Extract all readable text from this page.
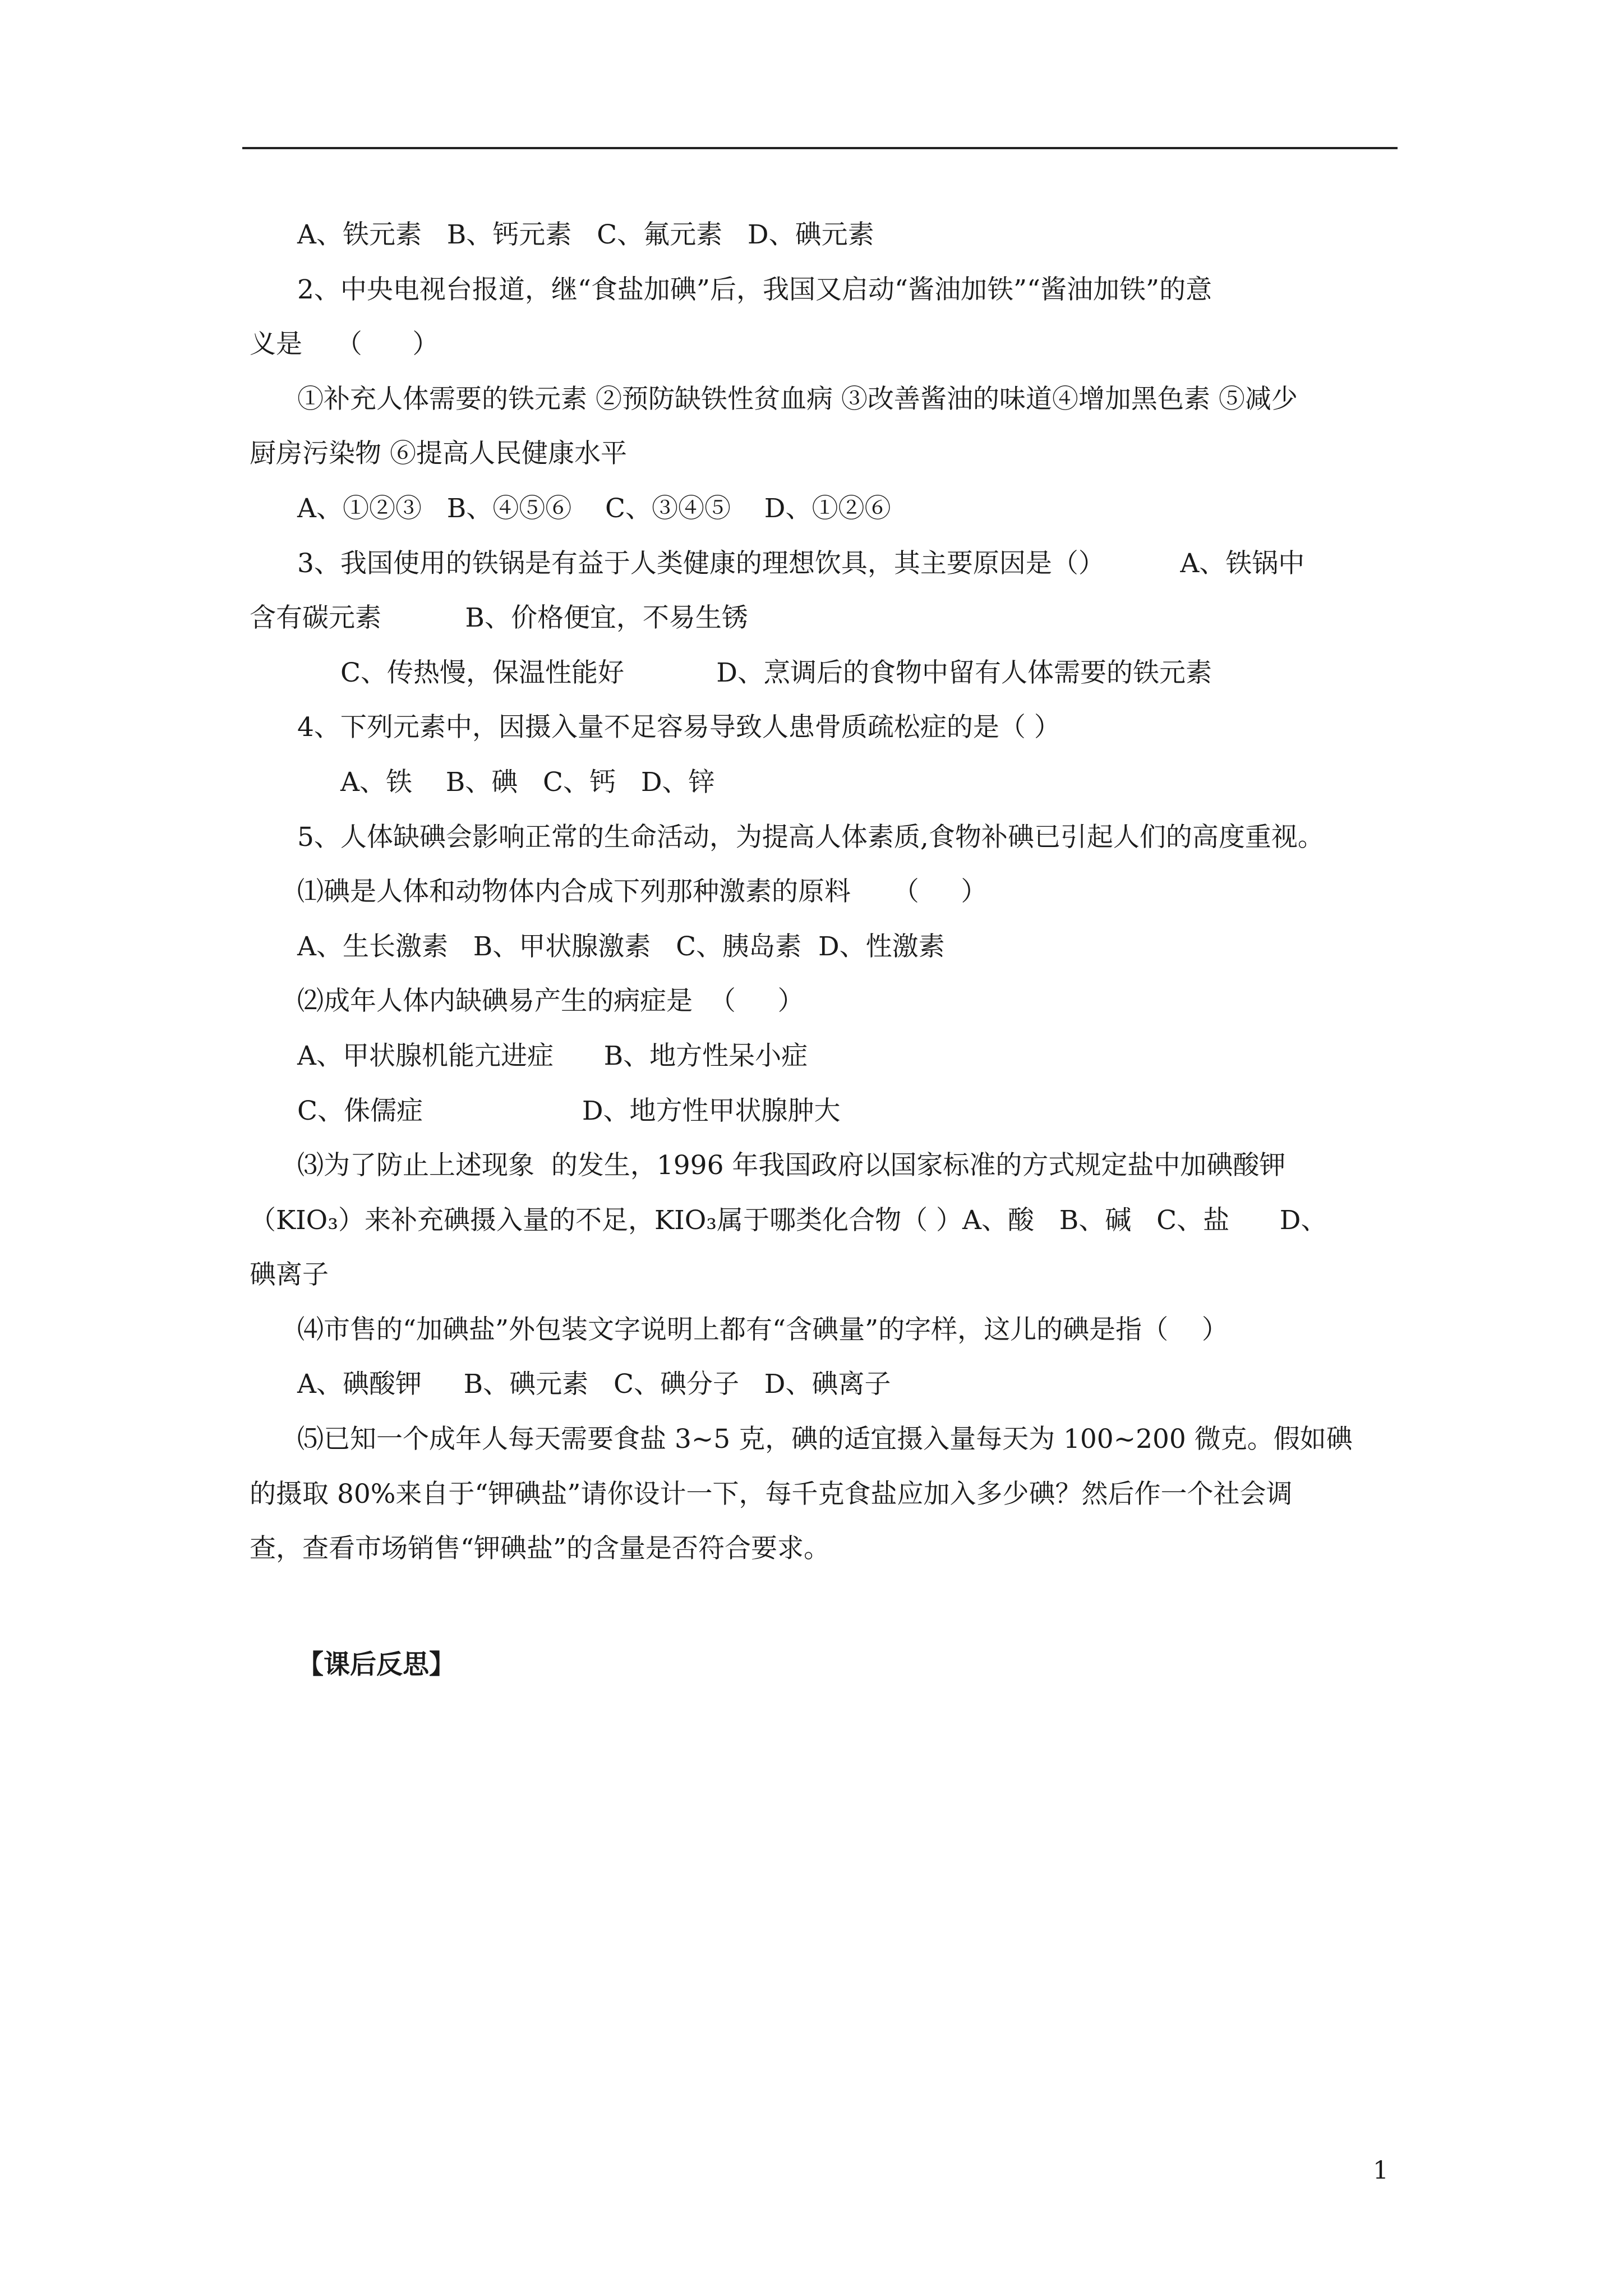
A、铁元素   B、钙元素   C、氟元素   D、碘元素
2、中央电视台报道，继“食盐加碘”后，我国又启动“酱油加铁”“酱油加铁”的意
义是    （      ）
①补充人体需要的铁元素 ②预防缺铁性贫血病 ③改善酱油的味道④增加黑色素 ⑤减少
厨房污染物 ⑥提高人民健康水平
A、①②③   B、④⑤⑥    C、③④⑤    D、①②⑥
3、我国使用的铁锅是有益于人类健康的理想饮具，其主要原因是（）         A、铁锅中
含有碳元素          B、价格便宜，不易生锈
C、传热慢，保温性能好           D、烹调后的食物中留有人体需要的铁元素
4、下列元素中，因摄入量不足容易导致人患骨质疏松症的是（ ）
A、铁    B、碘   C、钙   D、锌
5、人体缺碘会影响正常的生命活动，为提高人体素质,食物补碘已引起人们的高度重视。
⑴碘是人体和动物体内合成下列那种激素的原料     （     ）
A、生长激素   B、甲状腺激素   C、胰岛素  D、性激素
⑵成年人体内缺碘易产生的病症是  （     ）
A、甲状腺机能亢进症      B、地方性呆小症
C、侏儒症                   D、地方性甲状腺肿大
⑶为了防止上述现象  的发生，1996 年我国政府以国家标准的方式规定盐中加碘酸钾
（KIO₃）来补充碘摄入量的不足，KIO₃属于哪类化合物（ ）A、酸   B、碱   C、盐      D、
碘离子
⑷市售的“加碘盐”外包装文字说明上都有“含碘量”的字样，这儿的碘是指（    ）
A、碘酸钾     B、碘元素   C、碘分子   D、碘离子
⑸已知一个成年人每天需要食盐 3~5 克，碘的适宜摄入量每天为 100~200 微克。假如碘
的摄取 80%来自于“钾碘盐”请你设计一下，每千克食盐应加入多少碘？然后作一个社会调
查，查看市场销售“钾碘盐”的含量是否符合要求。
【课后反思】
1
